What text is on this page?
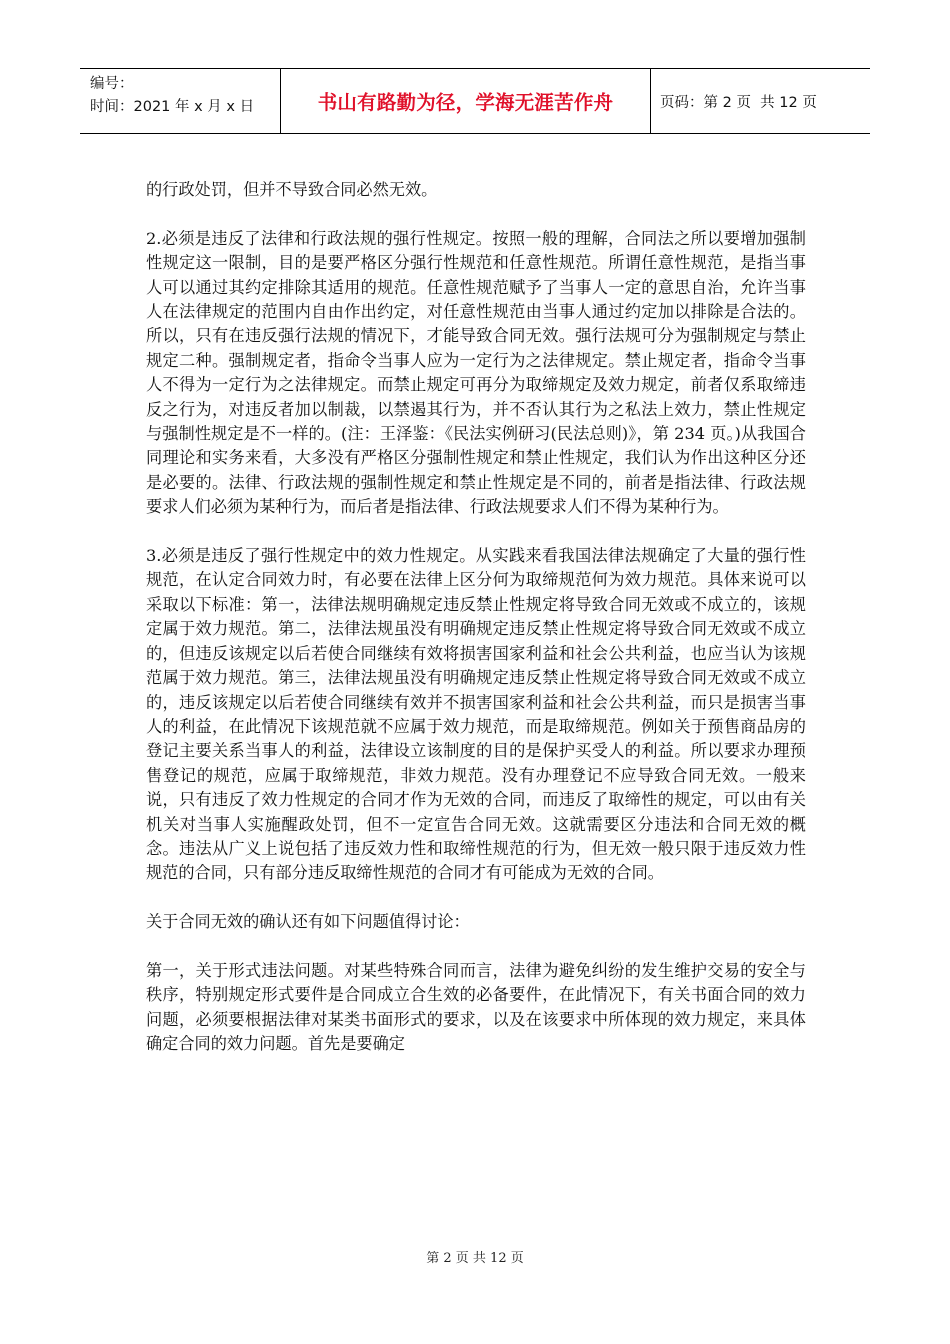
编号：
时间：2021 年 x 月 x 日	书山有路勤为径，学海无涯苦作舟	页码：第 2 页  共 12 页

的行政处罚，但并不导致合同必然无效。

2.必须是违反了法律和行政法规的强行性规定。按照一般的理解，合同法之所以要增加强制性规定这一限制，目的是要严格区分强行性规范和任意性规范。所谓任意性规范，是指当事人可以通过其约定排除其适用的规范。任意性规范赋予了当事人一定的意思自治，允许当事人在法律规定的范围内自由作出约定，对任意性规范由当事人通过约定加以排除是合法的。所以，只有在违反强行法规的情况下，才能导致合同无效。强行法规可分为强制规定与禁止规定二种。强制规定者，指命令当事人应为一定行为之法律规定。禁止规定者，指命令当事人不得为一定行为之法律规定。而禁止规定可再分为取缔规定及效力规定，前者仅系取缔违反之行为，对违反者加以制裁，以禁遏其行为，并不否认其行为之私法上效力，禁止性规定与强制性规定是不一样的。(注：王泽鉴：《民法实例研习(民法总则)》，第 234 页。)从我国合同理论和实务来看，大多没有严格区分强制性规定和禁止性规定，我们认为作出这种区分还是必要的。法律、行政法规的强制性规定和禁止性规定是不同的，前者是指法律、行政法规要求人们必须为某种行为，而后者是指法律、行政法规要求人们不得为某种行为。

3.必须是违反了强行性规定中的效力性规定。从实践来看我国法律法规确定了大量的强行性规范，在认定合同效力时，有必要在法律上区分何为取缔规范何为效力规范。具体来说可以采取以下标准：第一，法律法规明确规定违反禁止性规定将导致合同无效或不成立的，该规定属于效力规范。第二，法律法规虽没有明确规定违反禁止性规定将导致合同无效或不成立的，但违反该规定以后若使合同继续有效将损害国家利益和社会公共利益，也应当认为该规范属于效力规范。第三，法律法规虽没有明确规定违反禁止性规定将导致合同无效或不成立的，违反该规定以后若使合同继续有效并不损害国家利益和社会公共利益，而只是损害当事人的利益，在此情况下该规范就不应属于效力规范，而是取缔规范。例如关于预售商品房的登记主要关系当事人的利益，法律设立该制度的目的是保护买受人的利益。所以要求办理预售登记的规范，应属于取缔规范，非效力规范。没有办理登记不应导致合同无效。一般来说，只有违反了效力性规定的合同才作为无效的合同，而违反了取缔性的规定，可以由有关机关对当事人实施醒政处罚，但不一定宣告合同无效。这就需要区分违法和合同无效的概念。违法从广义上说包括了违反效力性和取缔性规范的行为，但无效一般只限于违反效力性规范的合同，只有部分违反取缔性规范的合同才有可能成为无效的合同。

关于合同无效的确认还有如下问题值得讨论：

第一，关于形式违法问题。对某些特殊合同而言，法律为避免纠纷的发生维护交易的安全与秩序，特别规定形式要件是合同成立合生效的必备要件，在此情况下，有关书面合同的效力问题，必须要根据法律对某类书面形式的要求，以及在该要求中所体现的效力规定，来具体确定合同的效力问题。首先是要确定

第 2 页 共 12 页
